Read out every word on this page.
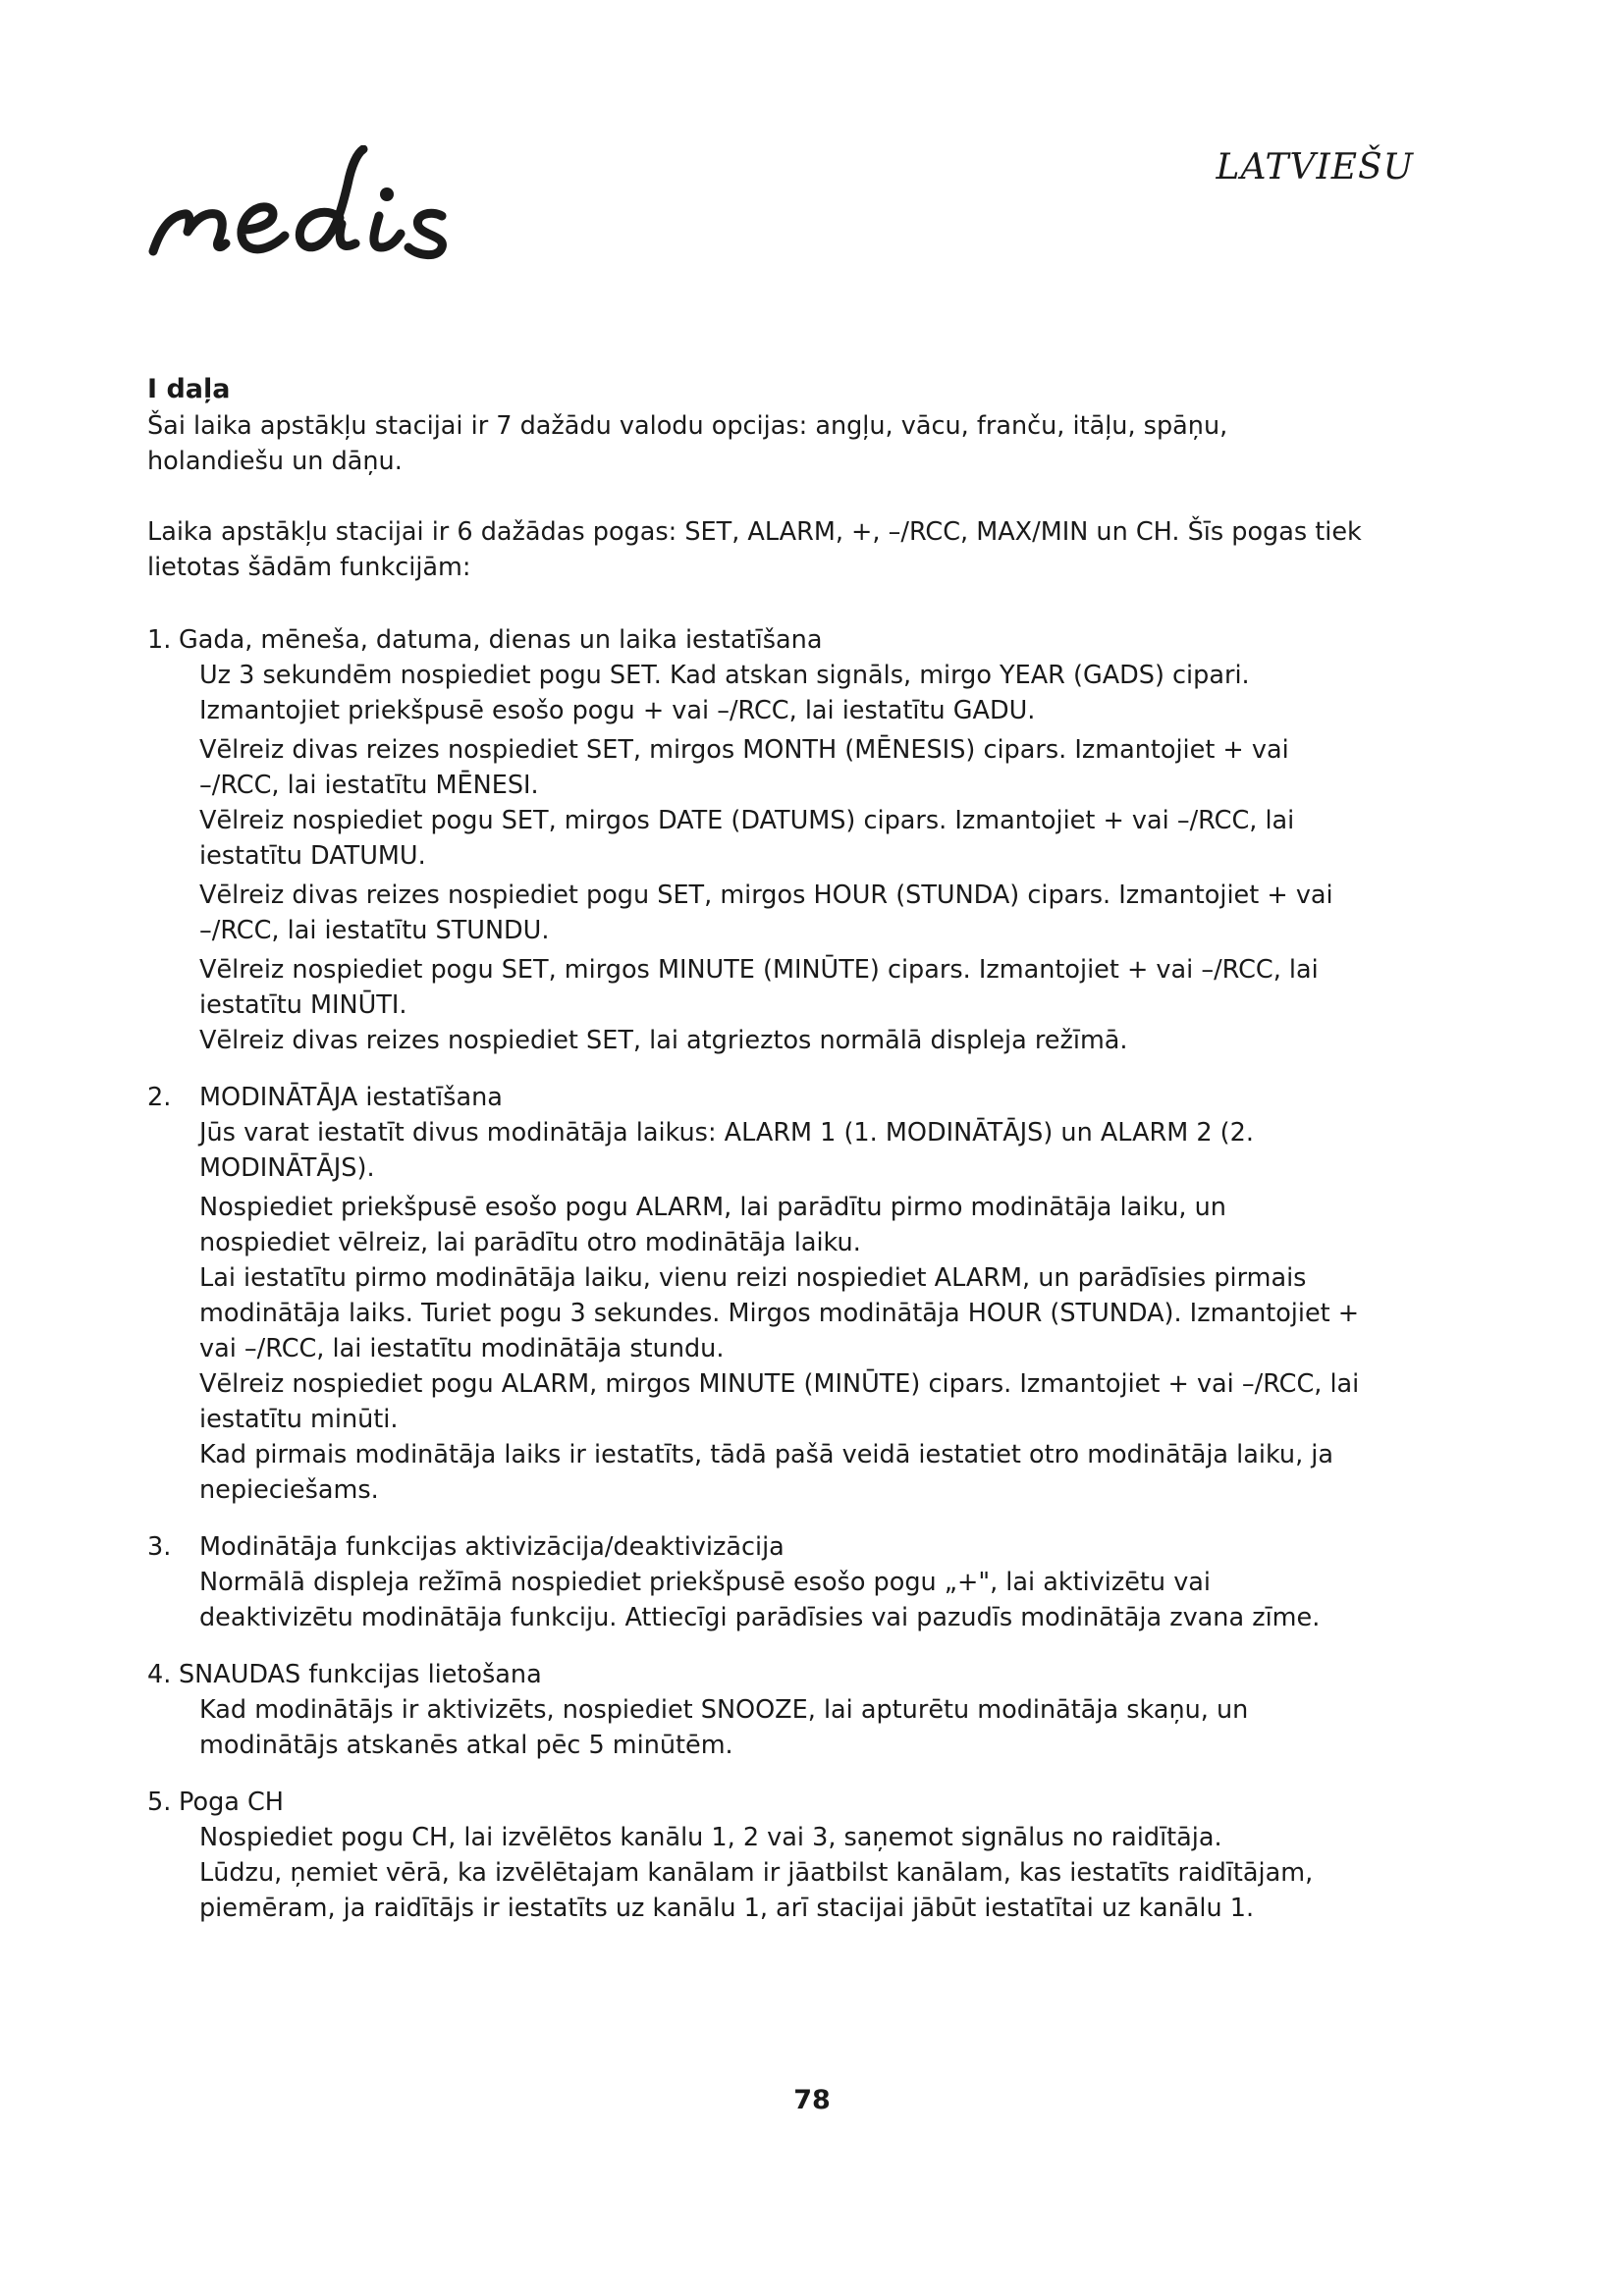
nedis
LATVIEŠU

I daļa

Šai laika apstākļu stacijai ir 7 dažādu valodu opcijas: angļu, vācu, franču, itāļu, spāņu, holandiešu un dāņu.

Laika apstākļu stacijai ir 6 dažādas pogas: SET, ALARM, +, –/RCC, MAX/MIN un CH. Šīs pogas tiek lietotas šādām funkcijām:

1. Gada, mēneša, datuma, dienas un laika iestatīšana

Uz 3 sekundēm nospiediet pogu SET. Kad atskan signāls, mirgo YEAR (GADS) cipari. Izmantojiet priekšpusē esošo pogu + vai –/RCC, lai iestatītu GADU.

Vēlreiz divas reizes nospiediet SET, mirgos MONTH (MĒNESIS) cipars. Izmantojiet + vai –/RCC, lai iestatītu MĒNESI.

Vēlreiz nospiediet pogu SET, mirgos DATE (DATUMS) cipars. Izmantojiet + vai –/RCC, lai iestatītu DATUMU.

Vēlreiz divas reizes nospiediet pogu SET, mirgos HOUR (STUNDA) cipars. Izmantojiet + vai –/RCC, lai iestatītu STUNDU.

Vēlreiz nospiediet pogu SET, mirgos MINUTE (MINŪTE) cipars. Izmantojiet + vai –/RCC, lai iestatītu MINŪTI.

Vēlreiz divas reizes nospiediet SET, lai atgrieztos normālā displeja režīmā.

2.	MODINĀTĀJA iestatīšana

Jūs varat iestatīt divus modinātāja laikus: ALARM 1 (1. MODINĀTĀJS) un ALARM 2 (2. MODINĀTĀJS).

Nospiediet priekšpusē esošo pogu ALARM, lai parādītu pirmo modinātāja laiku, un nospiediet vēlreiz, lai parādītu otro modinātāja laiku.

Lai iestatītu pirmo modinātāja laiku, vienu reizi nospiediet ALARM, un parādīsies pirmais modinātāja laiks. Turiet pogu 3 sekundes. Mirgos modinātāja HOUR (STUNDA). Izmantojiet + vai –/RCC, lai iestatītu modinātāja stundu.

Vēlreiz nospiediet pogu ALARM, mirgos MINUTE (MINŪTE) cipars. Izmantojiet + vai –/RCC, lai iestatītu minūti.

Kad pirmais modinātāja laiks ir iestatīts, tādā pašā veidā iestatiet otro modinātāja laiku, ja nepieciešams.

3.	Modinātāja funkcijas aktivizācija/deaktivizācija

Normālā displeja režīmā nospiediet priekšpusē esošo pogu „+", lai aktivizētu vai deaktivizētu modinātāja funkciju. Attiecīgi parādīsies vai pazudīs modinātāja zvana zīme.

4. SNAUDAS funkcijas lietošana

Kad modinātājs ir aktivizēts, nospiediet SNOOZE, lai apturētu modinātāja skaņu, un modinātājs atskanēs atkal pēc 5 minūtēm.

5. Poga CH

Nospiediet pogu CH, lai izvēlētos kanālu 1, 2 vai 3, saņemot signālus no raidītāja.

Lūdzu, ņemiet vērā, ka izvēlētajam kanālam ir jāatbilst kanālam, kas iestatīts raidītājam, piemēram, ja raidītājs ir iestatīts uz kanālu 1, arī stacijai jābūt iestatītai uz kanālu 1.

78
